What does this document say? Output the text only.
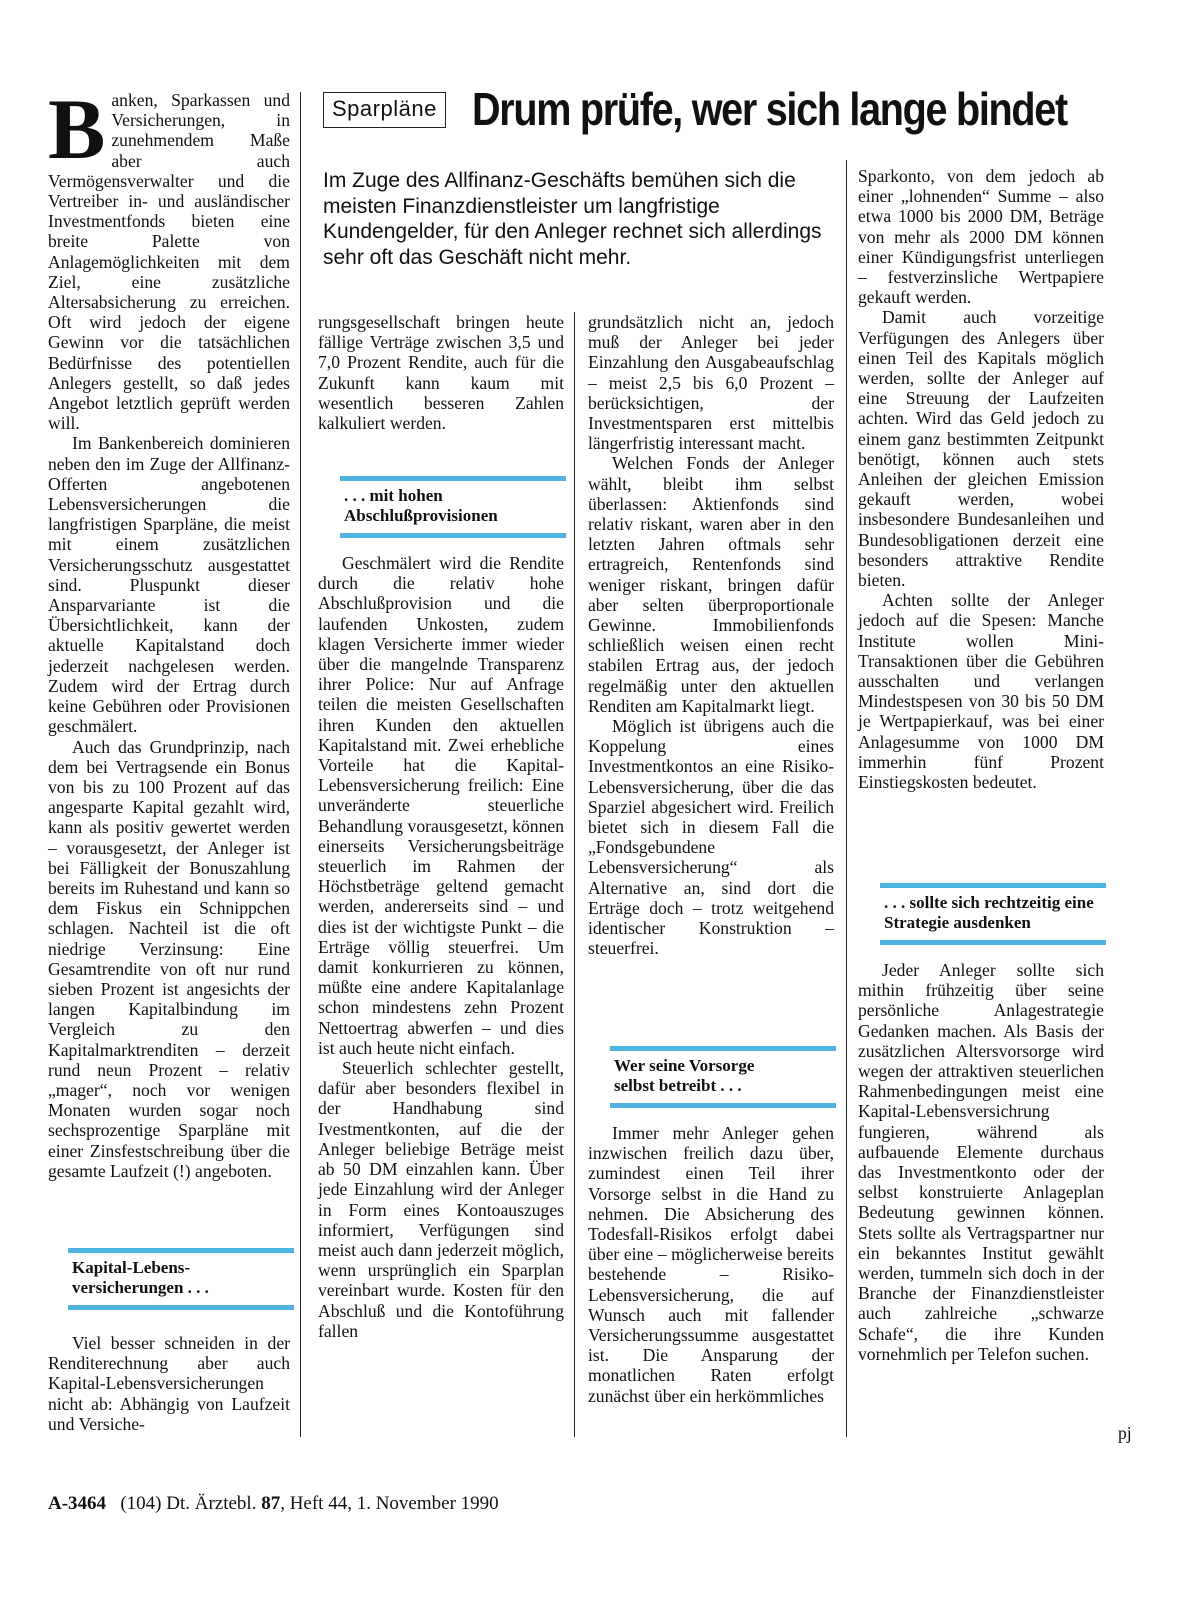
Sparpläne Drum prüfe, wer sich lange bindet
Im Zuge des Allfinanz-Geschäfts bemühen sich die meisten Finanzdienstleister um langfristige Kundengelder, für den Anleger rechnet sich allerdings sehr oft das Geschäft nicht mehr.

Banken, Sparkassen und Versicherungen, in zunehmendem Maße aber auch Vermögensverwalter und die Vertreiber in- und ausländischer Investmentfonds bieten eine breite Palette von Anlagemöglichkeiten mit dem Ziel, eine zusätzliche Altersabsicherung zu erreichen. Oft wird jedoch der eigene Gewinn vor die tatsächlichen Bedürfnisse des potentiellen Anlegers gestellt, so daß jedes Angebot letztlich geprüft werden will.

Im Bankenbereich dominieren neben den im Zuge der Allfinanz-Offerten angebotenen Lebensversicherungen die langfristigen Sparpläne, die meist mit einem zusätzlichen Versicherungsschutz ausgestattet sind. Pluspunkt dieser Ansparvariante ist die Übersichtlichkeit, kann der aktuelle Kapitalstand doch jederzeit nachgelesen werden. Zudem wird der Ertrag durch keine Gebühren oder Provisionen geschmälert.

Auch das Grundprinzip, nach dem bei Vertragsende ein Bonus von bis zu 100 Prozent auf das angesparte Kapital gezahlt wird, kann als positiv gewertet werden – vorausgesetzt, der Anleger ist bei Fälligkeit der Bonuszahlung bereits im Ruhestand und kann so dem Fiskus ein Schnippchen schlagen. Nachteil ist die oft niedrige Verzinsung: Eine Gesamtrendite von oft nur rund sieben Prozent ist angesichts der langen Kapitalbindung im Vergleich zu den Kapitalmarktrenditen – derzeit rund neun Prozent – relativ „mager“, noch vor wenigen Monaten wurden sogar noch sechsprozentige Sparpläne mit einer Zinsfestschreibung über die gesamte Laufzeit (!) angeboten.

Kapital-Lebens-versicherungen . . .

Viel besser schneiden in der Renditerechnung aber auch Kapital-Lebensversicherungen nicht ab: Abhängig von Laufzeit und Versiche-

rungsgesellschaft bringen heute fällige Verträge zwischen 3,5 und 7,0 Prozent Rendite, auch für die Zukunft kann kaum mit wesentlich besseren Zahlen kalkuliert werden.

. . . mit hohen Abschlußprovisionen

Geschmälert wird die Rendite durch die relativ hohe Abschlußprovision und die laufenden Unkosten, zudem klagen Versicherte immer wieder über die mangelnde Transparenz ihrer Police: Nur auf Anfrage teilen die meisten Gesellschaften ihren Kunden den aktuellen Kapitalstand mit. Zwei erhebliche Vorteile hat die Kapital-Lebensversicherung freilich: Eine unveränderte steuerliche Behandlung vorausgesetzt, können einerseits Versicherungsbeiträge steuerlich im Rahmen der Höchstbeträge geltend gemacht werden, andererseits sind – und dies ist der wichtigste Punkt – die Erträge völlig steuerfrei. Um damit konkurrieren zu können, müßte eine andere Kapitalanlage schon mindestens zehn Prozent Nettoertrag abwerfen – und dies ist auch heute nicht einfach.

Steuerlich schlechter gestellt, dafür aber besonders flexibel in der Handhabung sind Ivestmentkonten, auf die der Anleger beliebige Beträge meist ab 50 DM einzahlen kann. Über jede Einzahlung wird der Anleger in Form eines Kontoauszuges informiert, Verfügungen sind meist auch dann jederzeit möglich, wenn ursprünglich ein Sparplan vereinbart wurde. Kosten für den Abschluß und die Kontoführung fallen

grundsätzlich nicht an, jedoch muß der Anleger bei jeder Einzahlung den Ausgabeaufschlag – meist 2,5 bis 6,0 Prozent – berücksichtigen, der Investmentsparen erst mittelbis längerfristig interessant macht.

Welchen Fonds der Anleger wählt, bleibt ihm selbst überlassen: Aktienfonds sind relativ riskant, waren aber in den letzten Jahren oftmals sehr ertragreich, Rentenfonds sind weniger riskant, bringen dafür aber selten überproportionale Gewinne. Immobilienfonds schließlich weisen einen recht stabilen Ertrag aus, der jedoch regelmäßig unter den aktuellen Renditen am Kapitalmarkt liegt.

Möglich ist übrigens auch die Koppelung eines Investmentkontos an eine Risiko-Lebensversicherung, über die das Sparziel abgesichert wird. Freilich bietet sich in diesem Fall die „Fondsgebundene Lebensversicherung“ als Alternative an, sind dort die Erträge doch – trotz weitgehend identischer Konstruktion – steuerfrei.

Wer seine Vorsorge selbst betreibt . . .

Immer mehr Anleger gehen inzwischen freilich dazu über, zumindest einen Teil ihrer Vorsorge selbst in die Hand zu nehmen. Die Absicherung des Todesfall-Risikos erfolgt dabei über eine – möglicherweise bereits bestehende – Risiko-Lebensversicherung, die auf Wunsch auch mit fallender Versicherungssumme ausgestattet ist. Die Ansparung der monatlichen Raten erfolgt zunächst über ein herkömmliches

Sparkonto, von dem jedoch ab einer „lohnenden“ Summe – also etwa 1000 bis 2000 DM, Beträge von mehr als 2000 DM können einer Kündigungsfrist unterliegen – festverzinsliche Wertpapiere gekauft werden.

Damit auch vorzeitige Verfügungen des Anlegers über einen Teil des Kapitals möglich werden, sollte der Anleger auf eine Streuung der Laufzeiten achten. Wird das Geld jedoch zu einem ganz bestimmten Zeitpunkt benötigt, können auch stets Anleihen der gleichen Emission gekauft werden, wobei insbesondere Bundesanleihen und Bundesobligationen derzeit eine besonders attraktive Rendite bieten.

Achten sollte der Anleger jedoch auf die Spesen: Manche Institute wollen Mini-Transaktionen über die Gebühren ausschalten und verlangen Mindestspesen von 30 bis 50 DM je Wertpapierkauf, was bei einer Anlagesumme von 1000 DM immerhin fünf Prozent Einstiegskosten bedeutet.

. . . sollte sich rechtzeitig eine Strategie ausdenken

Jeder Anleger sollte sich mithin frühzeitig über seine persönliche Anlagestrategie Gedanken machen. Als Basis der zusätzlichen Altersvorsorge wird wegen der attraktiven steuerlichen Rahmenbedingungen meist eine Kapital-Lebensversichrung fungieren, während als aufbauende Elemente durchaus das Investmentkonto oder der selbst konstruierte Anlageplan Bedeutung gewinnen können. Stets sollte als Vertragspartner nur ein bekanntes Institut gewählt werden, tummeln sich doch in der Branche der Finanzdienstleister auch zahlreiche „schwarze Schafe“, die ihre Kunden vornehmlich per Telefon suchen.

pj
A-3464 (104) Dt. Ärztebl. 87, Heft 44, 1. November 1990
